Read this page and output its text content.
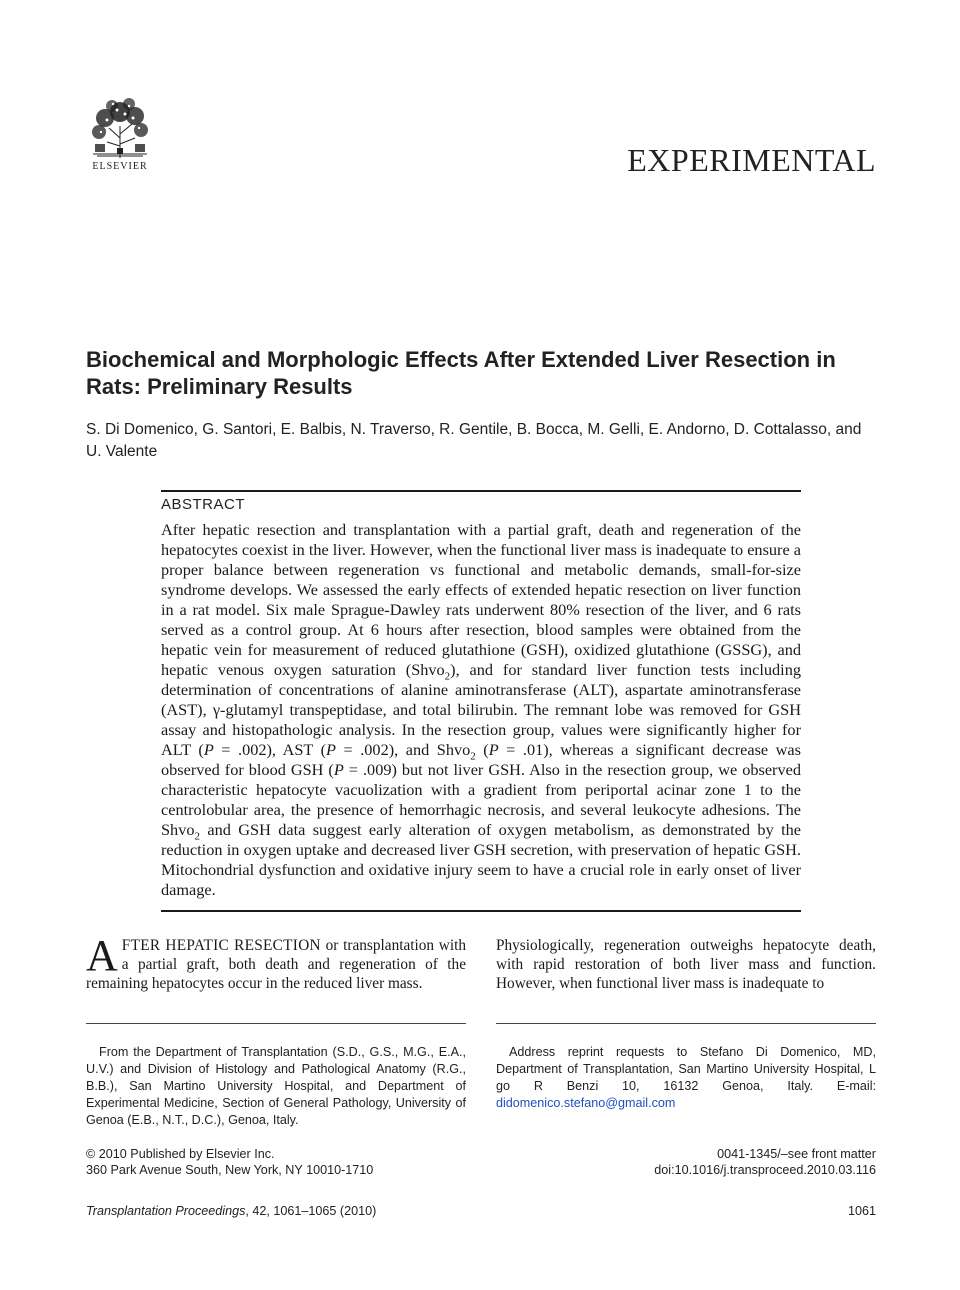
ELSEVIER	EXPERIMENTAL
Biochemical and Morphologic Effects After Extended Liver Resection in Rats: Preliminary Results
S. Di Domenico, G. Santori, E. Balbis, N. Traverso, R. Gentile, B. Bocca, M. Gelli, E. Andorno, D. Cottalasso, and U. Valente
ABSTRACT
After hepatic resection and transplantation with a partial graft, death and regeneration of the hepatocytes coexist in the liver. However, when the functional liver mass is inadequate to ensure a proper balance between regeneration vs functional and metabolic demands, small-for-size syndrome develops. We assessed the early effects of extended hepatic resection on liver function in a rat model. Six male Sprague-Dawley rats underwent 80% resection of the liver, and 6 rats served as a control group. At 6 hours after resection, blood samples were obtained from the hepatic vein for measurement of reduced glutathione (GSH), oxidized glutathione (GSSG), and hepatic venous oxygen saturation (Shvo$_2$), and for standard liver function tests including determination of concentrations of alanine aminotransferase (ALT), aspartate aminotransferase (AST), γ-glutamyl transpeptidase, and total bilirubin. The remnant lobe was removed for GSH assay and histopathologic analysis. In the resection group, values were significantly higher for ALT (P = .002), AST (P = .002), and Shvo$_2$ (P = .01), whereas a significant decrease was observed for blood GSH (P = .009) but not liver GSH. Also in the resection group, we observed characteristic hepatocyte vacuolization with a gradient from periportal acinar zone 1 to the centrolobular area, the presence of hemorrhagic necrosis, and several leukocyte adhesions. The Shvo$_2$ and GSH data suggest early alteration of oxygen metabolism, as demonstrated by the reduction in oxygen uptake and decreased liver GSH secretion, with preservation of hepatic GSH. Mitochondrial dysfunction and oxidative injury seem to have a crucial role in early onset of liver damage.
AFTER HEPATIC RESECTION or transplantation with a partial graft, both death and regeneration of the remaining hepatocytes occur in the reduced liver mass.
Physiologically, regeneration outweighs hepatocyte death, with rapid restoration of both liver mass and function. However, when functional liver mass is inadequate to
From the Department of Transplantation (S.D., G.S., M.G., E.A., U.V.) and Division of Histology and Pathological Anatomy (R.G., B.B.), San Martino University Hospital, and Department of Experimental Medicine, Section of General Pathology, University of Genoa (E.B., N.T., D.C.), Genoa, Italy.
Address reprint requests to Stefano Di Domenico, MD, Department of Transplantation, San Martino University Hospital, L go R Benzi 10, 16132 Genoa, Italy. E-mail: didomenico.stefano@gmail.com
© 2010 Published by Elsevier Inc.
360 Park Avenue South, New York, NY 10010-1710
0041-1345/–see front matter
doi:10.1016/j.transproceed.2010.03.116
Transplantation Proceedings, 42, 1061–1065 (2010)	1061
